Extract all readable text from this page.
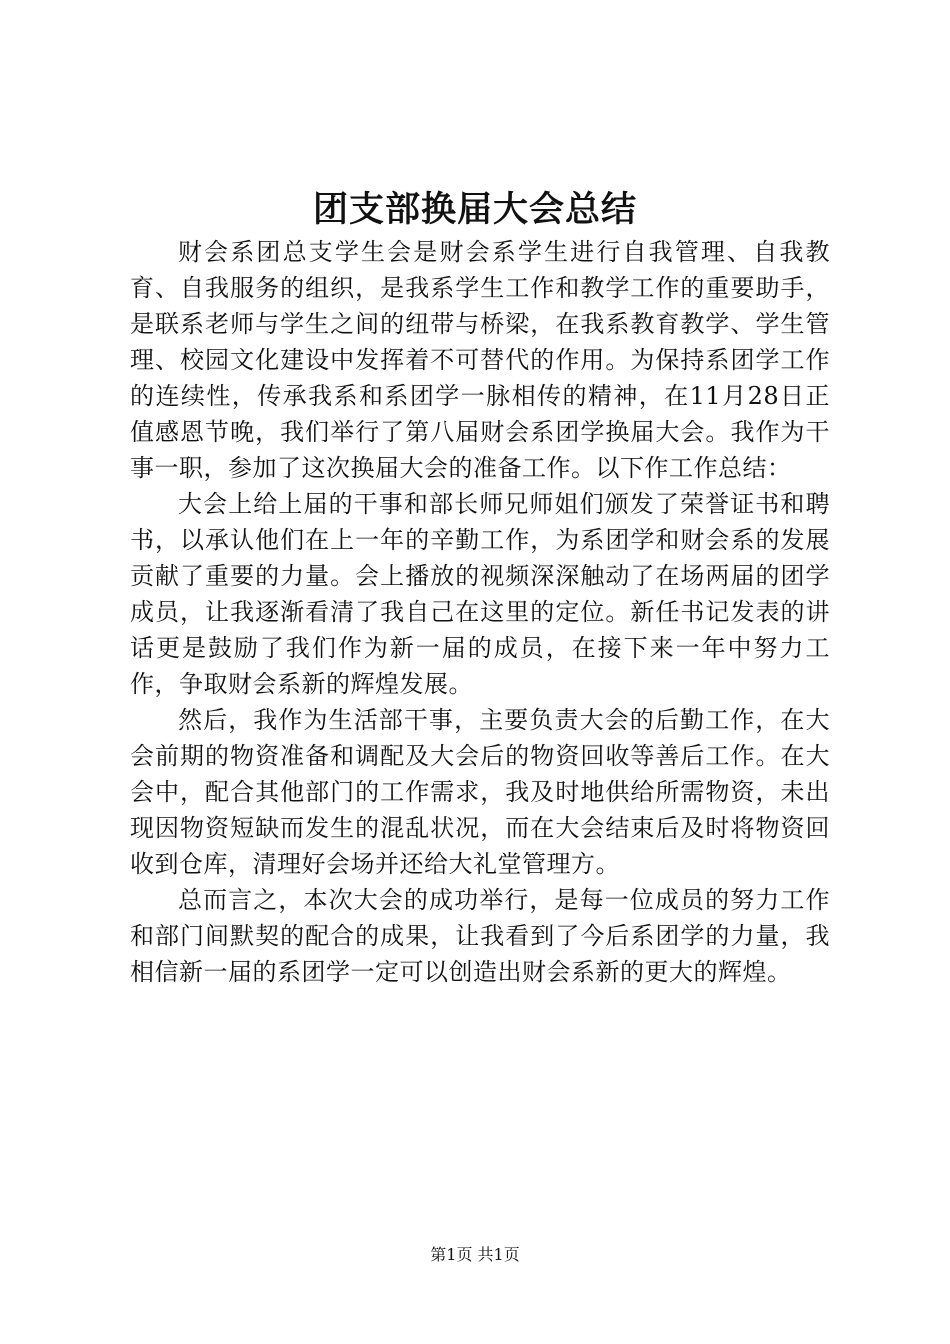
团支部换届大会总结

财会系团总支学生会是财会系学生进行自我管理、自我教育、自我服务的组织，是我系学生工作和教学工作的重要助手，是联系老师与学生之间的纽带与桥梁，在我系教育教学、学生管理、校园文化建设中发挥着不可替代的作用。为保持系团学工作的连续性，传承我系和系团学一脉相传的精神，在11月28日正值感恩节晚，我们举行了第八届财会系团学换届大会。我作为干事一职，参加了这次换届大会的准备工作。以下作工作总结：

大会上给上届的干事和部长师兄师姐们颁发了荣誉证书和聘书，以承认他们在上一年的辛勤工作，为系团学和财会系的发展贡献了重要的力量。会上播放的视频深深触动了在场两届的团学成员，让我逐渐看清了我自己在这里的定位。新任书记发表的讲话更是鼓励了我们作为新一届的成员，在接下来一年中努力工作，争取财会系新的辉煌发展。

然后，我作为生活部干事，主要负责大会的后勤工作，在大会前期的物资准备和调配及大会后的物资回收等善后工作。在大会中，配合其他部门的工作需求，我及时地供给所需物资，未出现因物资短缺而发生的混乱状况，而在大会结束后及时将物资回收到仓库，清理好会场并还给大礼堂管理方。

总而言之，本次大会的成功举行，是每一位成员的努力工作和部门间默契的配合的成果，让我看到了今后系团学的力量，我相信新一届的系团学一定可以创造出财会系新的更大的辉煌。

第1页 共1页
